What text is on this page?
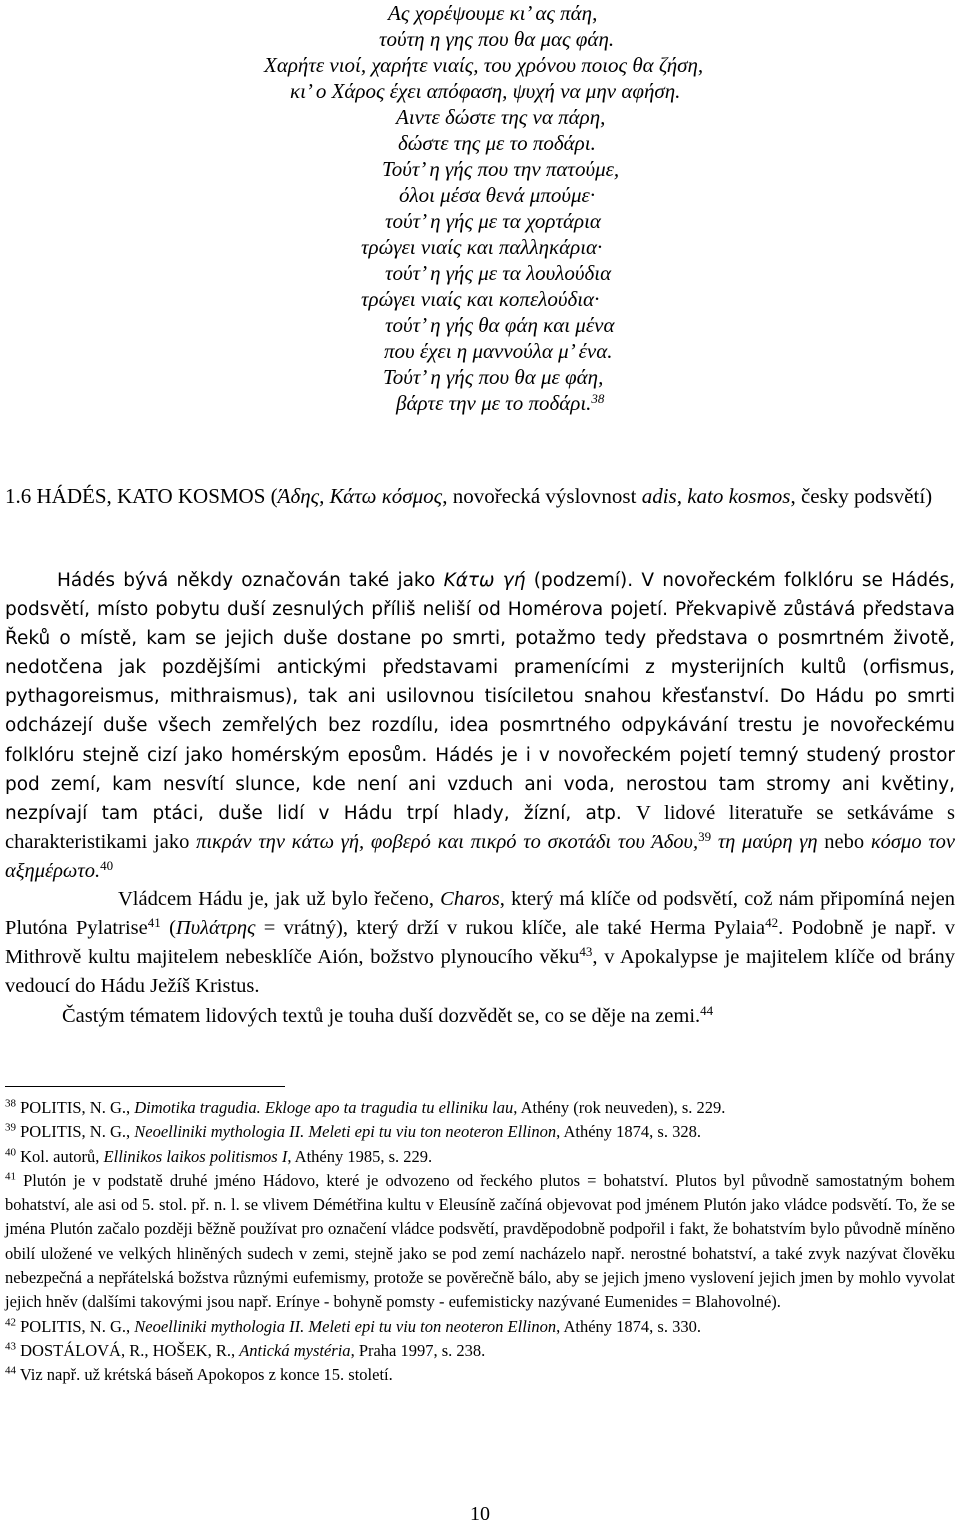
Ας χορέψουμε κι’ ας πάη,
τούτη η γης που θα μας φάη.
Χαρήτε νιοί, χαρήτε νιαίς, του χρόνου ποιος θα ζήση,
κι’ ο Χάρος έχει απόφαση, ψυχή να μην αφήση.
Αιντε δώστε της να πάρη,
δώστε της με το ποδάρι.
Τούτ’ η γής που την πατούμε,
όλοι μέσα θενά μπούμε·
τούτ’ η γής με τα χορτάρια
τρώγει νιαίς και παλληκάρια·
τούτ’ η γής με τα λουλούδια
τρώγει νιαίς και κοπελούδια·
τούτ’ η γής θα φάη και μένα
που έχει η μαννούλα μ’ ένα.
Τούτ’ η γής που θα με φάη,
βάρτε την με το ποδάρι.$^{38}$
1.6 HÁDÉS, KATO KOSMOS (Άδης, Κάτω κόσμος, novořecká výslovnost adis, kato kosmos, česky podsvětí)
Hádés bývá někdy označován také jako Κάτω γή (podzemí). V novořeckém folklóru se Hádés, podsvětí, místo pobytu duší zesnulých příliš neliší od Homérova pojetí. Překvapivě zůstává představa Řeků o místě, kam se jejich duše dostane po smrti, potažmo tedy představa o posmrtném životě, nedotčena jak pozdějšími antickými představami pramenícími z mysterijních kultů (orfismus, pythagoreismus, mithraismus), tak ani usilovnou tisíciletou snahou křesťanství. Do Hádu po smrti odcházejí duše všech zemřelých bez rozdílu, idea posmrtného odpykávání trestu je novořeckému folklóru stejně cizí jako homérským eposům. Hádés je i v novořeckém pojetí temný studený prostor pod zemí, kam nesvítí slunce, kde není ani vzduch ani voda, nerostou tam stromy ani květiny, nezpívají tam ptáci, duše lidí v Hádu trpí hlady, žízní, atp. V lidové literatuře se setkáváme s charakteristikami jako πικράν την κάτω γή, φοβερό και πικρό το σκοτάδι του Άδου,$^{39}$ τη μαύρη γη nebo κόσμο τον αξημέρωτο.$^{40}$
Vládcem Hádu je, jak už bylo řečeno, Charos, který má klíče od podsvětí, což nám připomíná nejen Plutóna Pylatrise$^{41}$ (Πυλάτρης = vrátný), který drží v rukou klíče, ale také Herma Pylaia$^{42}$. Podobně je např. v Mithrově kultu majitelem nebesklíče Aión, božstvo plynoucího věku$^{43}$, v Apokalypse je majitelem klíče od brány vedoucí do Hádu Ježíš Kristus.
Častým tématem lidových textů je touha duší dozvědět se, co se děje na zemi.$^{44}$
$^{38}$ POLITIS, N. G., Dimotika tragudia. Ekloge apo ta tragudia tu elliniku lau, Athény (rok neuveden), s. 229.
$^{39}$ POLITIS, N. G., Neoelliniki mythologia II. Meleti epi tu viu ton neoteron Ellinon, Athény 1874, s. 328.
$^{40}$ Kol. autorů, Ellinikos laikos politismos I, Athény 1985, s. 229.
$^{41}$ Plutón je v podstatě druhé jméno Hádovo, které je odvozeno od řeckého plutos = bohatství. Plutos byl původně samostatným bohem bohatství, ale asi od 5. stol. př. n. l. se vlivem Démétřina kultu v Eleusíně začíná objevovat pod jménem Plutón jako vládce podsvětí. To, že se jména Plutón začalo později běžně používat pro označení vládce podsvětí, pravděpodobně podpořil i fakt, že bohatstvím bylo původně míněno obilí uložené ve velkých hliněných sudech v zemi, stejně jako se pod zemí nacházelo např. nerostné bohatství, a také zvyk nazývat člověku nebezpečná a nepřátelská božstva různými eufemismy, protože se pověrečně bálo, aby se jejich jmeno vyslovení jejich jmen by mohlo vyvolat jejich hněv (dalšími takovými jsou např. Erínye - bohyně pomsty - eufemisticky nazývané Eumenides = Blahovolné).
$^{42}$ POLITIS, N. G., Neoelliniki mythologia II. Meleti epi tu viu ton neoteron Ellinon, Athény 1874, s. 330.
$^{43}$ DOSTÁLOVÁ, R., HOŠEK, R., Antická mystéria, Praha 1997, s. 238.
$^{44}$ Viz např. už krétská báseň Apokopos z konce 15. století.
10
